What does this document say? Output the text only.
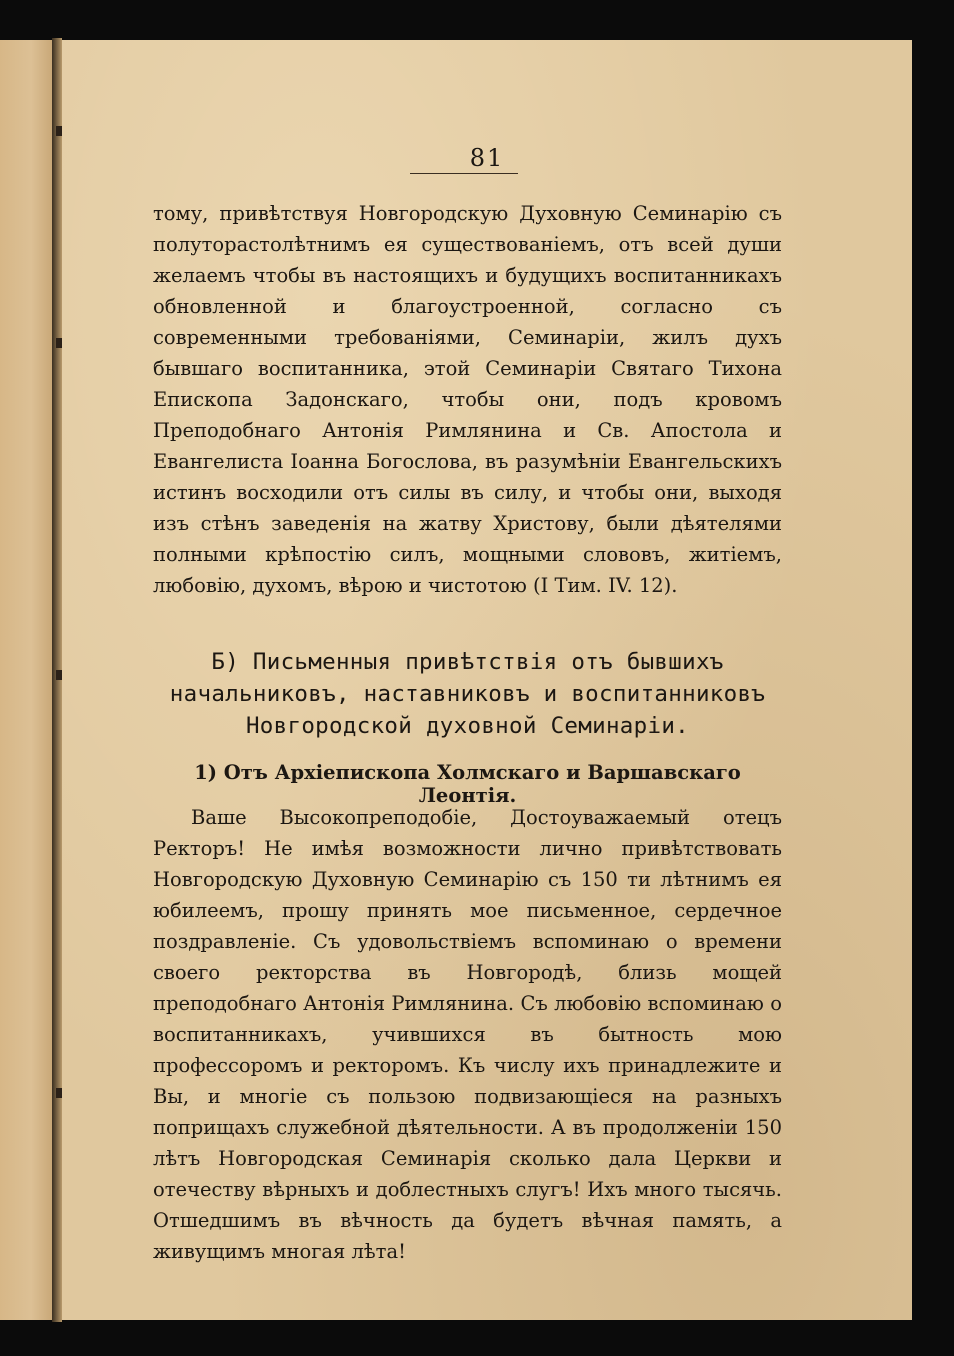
81

тому, привѣтствуя Новгородскую Духовную Семинарію съ полуторастолѣтнимъ ея существованіемъ, отъ всей души желаемъ чтобы въ настоящихъ и будущихъ воспитанникахъ обновленной и благоустроенной, согласно съ современными требованіями, Семинаріи, жилъ духъ бывшаго воспитанника, этой Семинаріи Святаго Тихона Епископа Задонскаго, чтобы они, подъ кровомъ Преподобнаго Антонія Римлянина и Св. Апостола и Евангелиста Іоанна Богослова, въ разумѣніи Евангельскихъ истинъ восходили отъ силы въ силу, и чтобы они, выходя изъ стѣнъ заведенія на жатву Христову, были дѣятелями полными крѣпостію силъ, мощными слововъ, житіемъ, любовію, духомъ, вѣрою и чистотою (І Тим. IV. 12).

Б) Письменныя привѣтствія отъ бывшихъ начальниковъ, наставниковъ и воспитанниковъ Новгородской духовной Семинаріи.
1) Отъ Архіепископа Холмскаго и Варшавскаго Леонтія.

Ваше Высокопреподобіе, Достоуважаемый отецъ Ректоръ! Не имѣя возможности лично привѣтствовать Новгородскую Духовную Семинарію съ 150 ти лѣтнимъ ея юбилеемъ, прошу принять мое письменное, сердечное поздравленіе. Съ удовольствіемъ вспоминаю о времени своего ректорства въ Новгородѣ, близь мощей преподобнаго Антонія Римлянина. Съ любовію вспоминаю о воспитанникахъ, учившихся въ бытность мою профессоромъ и ректоромъ. Къ числу ихъ принадлежите и Вы, и многіе съ пользою подвизающіеся на разныхъ поприщахъ служебной дѣятельности. А въ продолженіи 150 лѣтъ Новгородская Семинарія сколько дала Церкви и отечеству вѣрныхъ и доблестныхъ слугъ! Ихъ много тысячь. Отшедшимъ въ вѣчность да будетъ вѣчная память, а живущимъ многая лѣта!
